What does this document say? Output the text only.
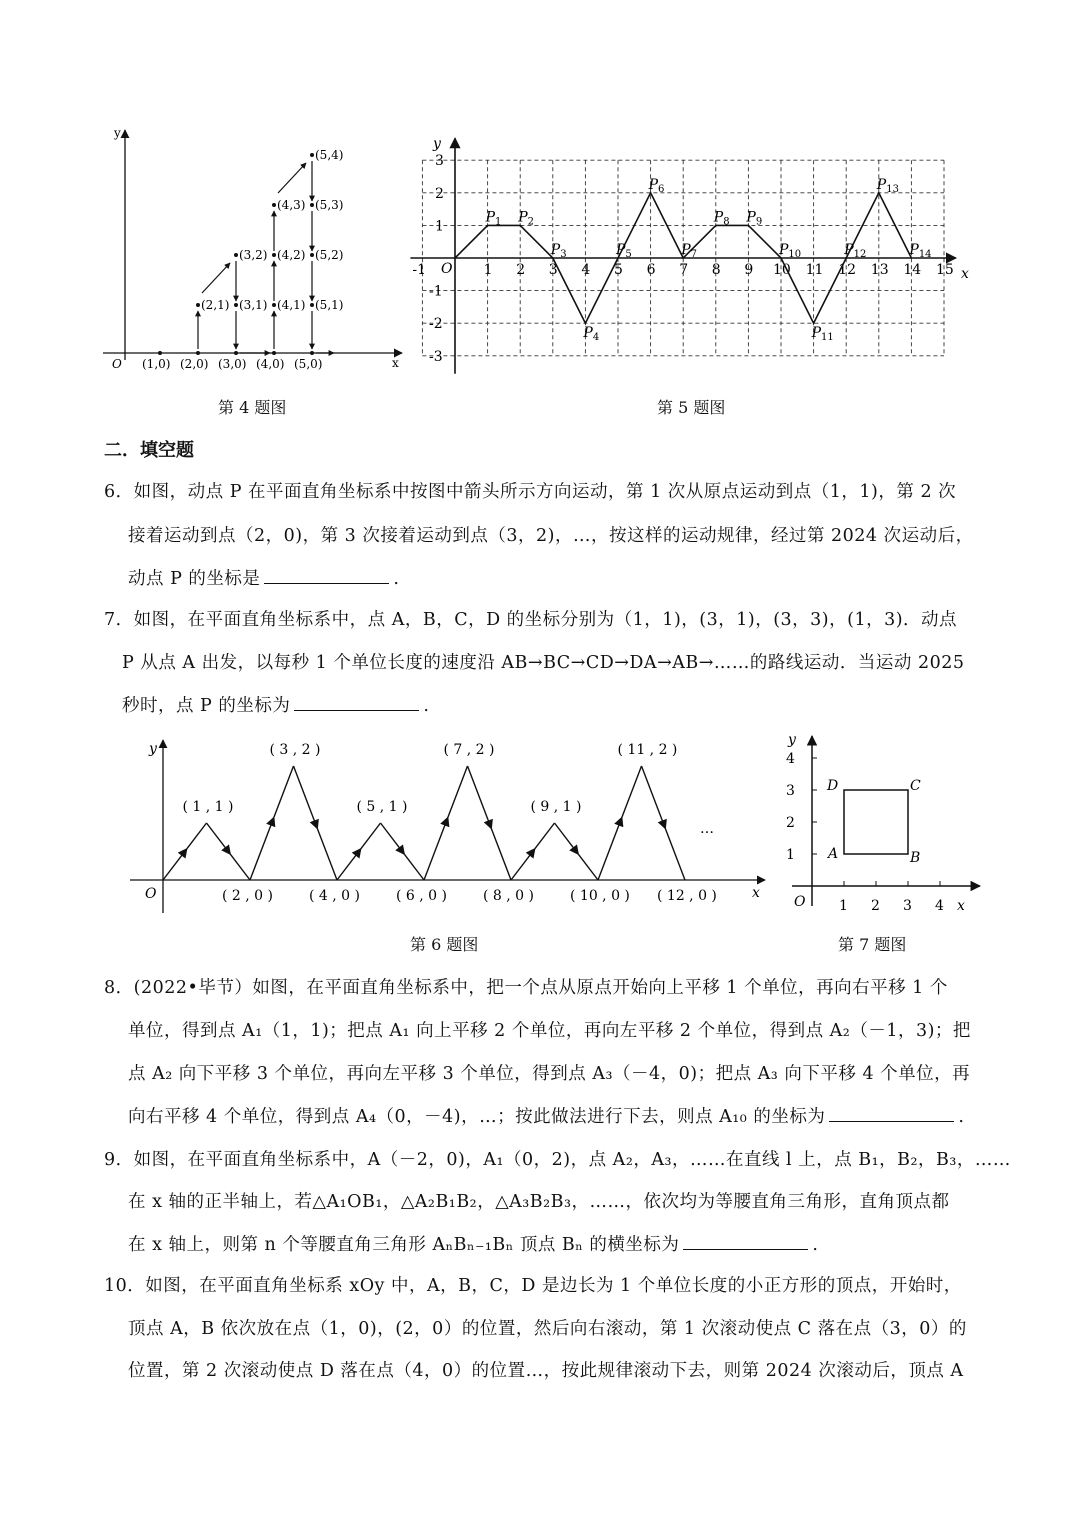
y
x
O (1,0) (2,0) (3,0) (4,0) (5,0)
(5,4)
(4,3) (5,3)
(3,2) (4,2) (5,2)
(2,1) (3,1) (4,1) (5,1)
第 4 题图
-1	1 2 3 4 5 6 7 8 9 10 11 12 13 14 15
3
2
1
-1
-2
-3
$P_1$ $P_2$
$P_3$
$P_4$
$P_5$
$P_6$
$P_7$
$P_8$ $P_9$
$P_{10}$
$P_{11}$
$P_{12}$
$P_{13}$
$P_{14}$
y
x
O
第 5 题图
二．填空题
6．如图，动点 P 在平面直角坐标系中按图中箭头所示方向运动，第 1 次从原点运动到点（1，1)，第 2 次
接着运动到点（2，0)，第 3 次接着运动到点（3，2)，…，按这样的运动规律，经过第 2024 次运动后，
动点 P 的坐标是	.
7．如图，在平面直角坐标系中，点 A，B，C，D 的坐标分别为（1，1)，(3，1)，(3，3)，(1，3)．动点
P 从点 A 出发，以每秒 1 个单位长度的速度沿 AB→BC→CD→DA→AB→……的路线运动．当运动 2025
秒时，点 P 的坐标为	.
y
x
O
( 1 , 1 )
( 3 , 2 )
( 5 , 1 )
( 7 , 2 )
( 9 , 1 )
( 11 , 2 )
( 2 , 0 )	( 4 , 0 )	( 6 , 0 )	( 8 , 0 )	( 10 , 0 ) ( 12 , 0 )
…
第 6 题图
1 2 3 4
1
2
3
4
A	B
C
D
y
x
O
第 7 题图
8．(2022•毕节）如图，在平面直角坐标系中，把一个点从原点开始向上平移 1 个单位，再向右平移 1 个
单位，得到点 A₁（1，1)；把点 A₁ 向上平移 2 个单位，再向左平移 2 个单位，得到点 A₂（－1，3)；把
点 A₂ 向下平移 3 个单位，再向左平移 3 个单位，得到点 A₃（－4，0)；把点 A₃ 向下平移 4 个单位，再
向右平移 4 个单位，得到点 A₄（0，－4)，…；按此做法进行下去，则点 A₁₀ 的坐标为	.
9．如图，在平面直角坐标系中，A（－2，0)，A₁（0，2)，点 A₂，A₃，……在直线 l 上，点 B₁，B₂，B₃，……
在 x 轴的正半轴上，若△A₁OB₁，△A₂B₁B₂，△A₃B₂B₃，……，依次均为等腰直角三角形，直角顶点都
在 x 轴上，则第 n 个等腰直角三角形 AₙBₙ₋₁Bₙ 顶点 Bₙ 的横坐标为	.
10．如图，在平面直角坐标系 xOy 中，A，B，C，D 是边长为 1 个单位长度的小正方形的顶点，开始时，
顶点 A，B 依次放在点（1，0)，(2，0）的位置，然后向右滚动，第 1 次滚动使点 C 落在点（3，0）的
位置，第 2 次滚动使点 D 落在点（4，0）的位置…，按此规律滚动下去，则第 2024 次滚动后，顶点 A
